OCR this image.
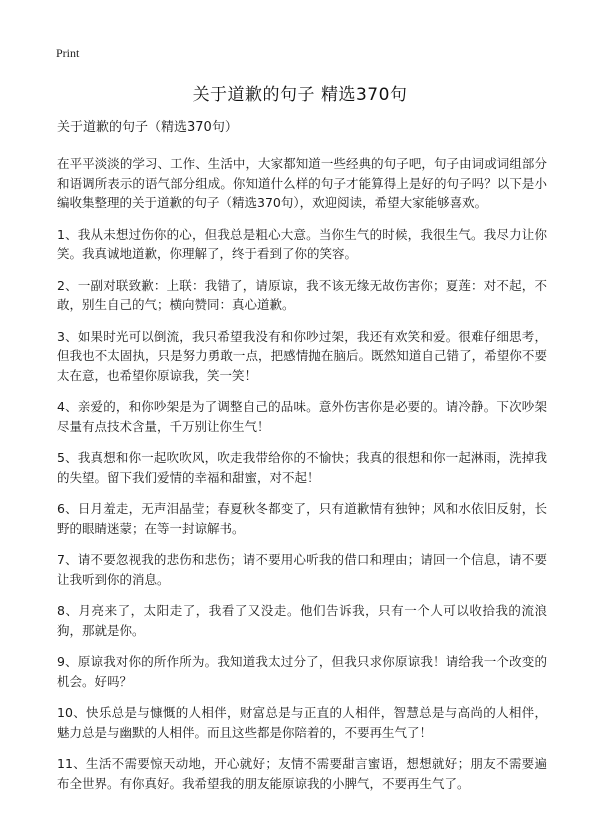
Print
关于道歉的句子 精选370句

关于道歉的句子（精选370句）

在平平淡淡的学习、工作、生活中，大家都知道一些经典的句子吧，句子由词或词组部分和语调所表示的语气部分组成。你知道什么样的句子才能算得上是好的句子吗？以下是小编收集整理的关于道歉的句子（精选370句），欢迎阅读，希望大家能够喜欢。

1、我从未想过伤你的心，但我总是粗心大意。当你生气的时候，我很生气。我尽力让你笑。我真诚地道歉，你理解了，终于看到了你的笑容。

2、一副对联致歉：上联：我错了，请原谅，我不该无缘无故伤害你；夏莲：对不起，不敢，别生自己的气；横向赞同：真心道歉。

3、如果时光可以倒流，我只希望我没有和你吵过架，我还有欢笑和爱。很难仔细思考，但我也不太固执，只是努力勇敢一点，把感情抛在脑后。既然知道自己错了，希望你不要太在意，也希望你原谅我，笑一笑！

4、亲爱的，和你吵架是为了调整自己的品味。意外伤害你是必要的。请冷静。下次吵架尽量有点技术含量，千万别让你生气！

5、我真想和你一起吹吹风，吹走我带给你的不愉快；我真的很想和你一起淋雨，洗掉我的失望。留下我们爱情的幸福和甜蜜，对不起！

6、日月羞走，无声泪晶莹；春夏秋冬都变了，只有道歉情有独钟；风和水依旧反射，长野的眼睛迷蒙；在等一封谅解书。

7、请不要忽视我的悲伤和悲伤；请不要用心听我的借口和理由；请回一个信息，请不要让我听到你的消息。

8、月亮来了，太阳走了，我看了又没走。他们告诉我，只有一个人可以收拾我的流浪狗，那就是你。

9、原谅我对你的所作所为。我知道我太过分了，但我只求你原谅我！请给我一个改变的机会。好吗？

10、快乐总是与慷慨的人相伴，财富总是与正直的人相伴，智慧总是与高尚的人相伴，魅力总是与幽默的人相伴。而且这些都是你陪着的，不要再生气了！

11、生活不需要惊天动地，开心就好；友情不需要甜言蜜语，想想就好；朋友不需要遍布全世界。有你真好。我希望我的朋友能原谅我的小脾气，不要再生气了。
